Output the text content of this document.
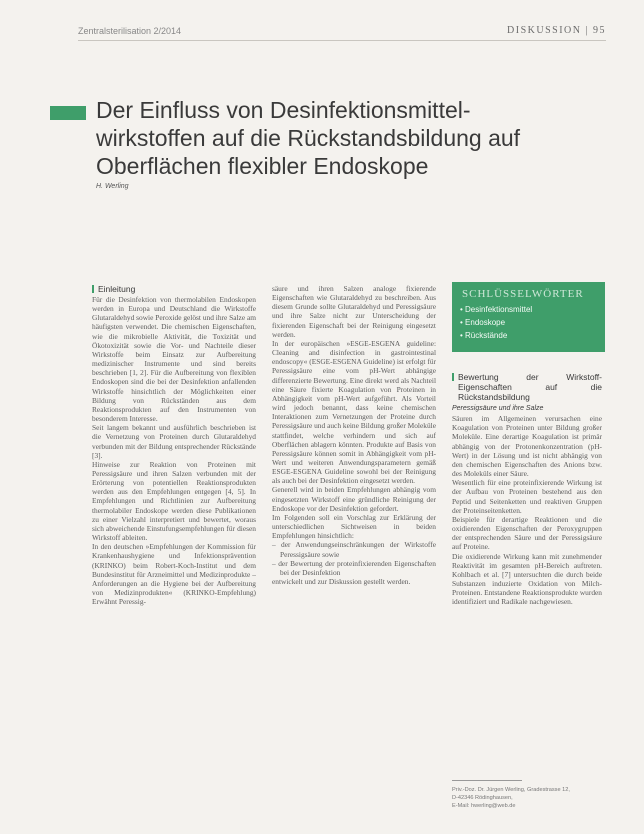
Zentralsterilisation 2/2014	DISKUSSION | 95
Der Einfluss von Desinfektionsmittelwirkstoffen auf die Rückstandsbildung auf Oberflächen flexibler Endoskope
H. Werling
Einleitung

Für die Desinfektion von thermolabilen Endoskopen werden in Europa und Deutschland die Wirkstoffe Glutaraldehyd sowie Peroxide gelöst und ihre Salze am häufigsten verwendet. Die chemischen Eigenschaften, wie die mikrobielle Aktivität, die Toxizität und Ökotoxizität sowie die Vor- und Nachteile dieser Wirkstoffe beim Einsatz zur Aufbereitung medizinischer Instrumente und sind bereits beschrieben [1, 2]. Für die Aufbereitung von flexiblen Endoskopen sind die bei der Desinfektion anfallenden Wirkstoffe hinsichtlich der Möglichkeiten einer Bildung von Rückständen aus dem Reaktionsprodukten auf den Instrumenten von besonderem Interesse.

Seit langem bekannt und ausführlich beschrieben ist die Vernetzung von Proteinen durch Glutaraldehyd verbunden mit der Bildung entsprechender Rückstände [3].

Hinweise zur Reaktion von Proteinen mit Peressigsäure und ihren Salzen verbunden mit der Erörterung von potentiellen Reaktionsprodukten werden aus den Empfehlungen entgegen [4, 5]. In Empfehlungen und Richtlinien zur Aufbereitung thermolabiler Endoskope werden diese Publikationen zu einer Vielzahl interpretiert und bewertet, woraus sich abweichende Einstufungsempfehlungen für diesen Wirkstoff ableiten.

In den deutschen »Empfehlungen der Kommission für Krankenhaushygiene und Infektionsprävention (KRINKO) beim Robert-Koch-Institut und dem Bundesinstitut für Arzneimittel und Medizinprodukte – Anforderungen an die Hygiene bei der Aufbereitung von Medizinprodukten« (KRINKO-Empfehlung) Erwähnt Peressig-

säure und ihren Salzen analoge fixierende Eigenschaften wie Glutaraldehyd zu beschreiben. Aus diesem Grunde sollte Glutaraldehyd und Peressigsäure und ihre Salze nicht zur Unterscheidung der fixierenden Eigenschaft bei der Reinigung eingesetzt werden.

In der europäischen »ESGE-ESGENA guideline: Cleaning and disinfection in gastrointestinal endoscopy« (ESGE-ESGENA Guideline) ist erfolgt für Peressigsäure eine vom pH-Wert abhängige differenzierte Bewertung. Eine direkt werd als Nachteil eine Säure fixierte Koagulation von Proteinen in Abhängigkeit vom pH-Wert aufgeführt. Als Vorteil wird jedoch benannt, dass keine chemischen Interaktionen zum Vernetzungen der Proteine durch Peressigsäure und auch keine Bildung großer Moleküle stattfindet, welche verhindern und sich auf Oberflächen ablagern könnten. Produkte auf Basis von Peressigsäure können somit in Abhängigkeit vom pH-Wert und weiteren Anwendungsparametern gemäß ESGE-ESGENA Guideline sowohl bei der Reinigung als auch bei der Desinfektion eingesetzt werden.

Generell wird in beiden Empfehlungen abhängig vom eingesetzten Wirkstoff eine gründliche Reinigung der Endoskope vor der Desinfektion gefordert.

Im Folgenden soll ein Vorschlag zur Erklärung der unterschiedlichen Sichtweisen in beiden Empfehlungen hinsichtlich:

– der Anwendungseinschränkungen der Wirkstoffe Peressigsäure sowie

– der Bewertung der proteinfixierenden Eigenschaften bei der Desinfektion

entwickelt und zur Diskussion gestellt werden.

SCHLÜSSELWÖRTER
• Desinfektionsmittel
• Endoskope
• Rückstände
Bewertung der Wirkstoff-Eigenschaften auf die Rückstandsbildung
Peressigsäure und ihre Salze

Säuren im Allgemeinen verursachen eine Koagulation von Proteinen unter Bildung großer Moleküle. Eine derartige Koagulation ist primär abhängig von der Protonenkonzentration (pH-Wert) in der Lösung und ist nicht abhängig von den chemischen Eigenschaften des Anions bzw. des Moleküls einer Säure.

Wesentlich für eine proteinfixierende Wirkung ist der Aufbau von Proteinen bestehend aus den Peptid und Seitenketten und reaktiven Gruppen der Proteinseitenketten.

Beispiele für derartige Reaktionen und die oxidierenden Eigenschaften der Peroxygruppen der entsprechenden Säure und der Peressigsäure auf Proteine.

Die oxidierende Wirkung kann mit zunehmender Reaktivität im gesamten pH-Bereich auftreten. Kohlbach et al. [7] untersuchten die durch beide Substanzen induzierte Oxidation von Milch-Proteinen. Entstandene Reaktionsprodukte wurden identifiziert und Radikale nachgewiesen.

Priv.-Doz. Dr. Jürgen Werling, Gradestrasse 12,

D-42346 Rödinghausen,

E-Mail: hwerling@web.de
